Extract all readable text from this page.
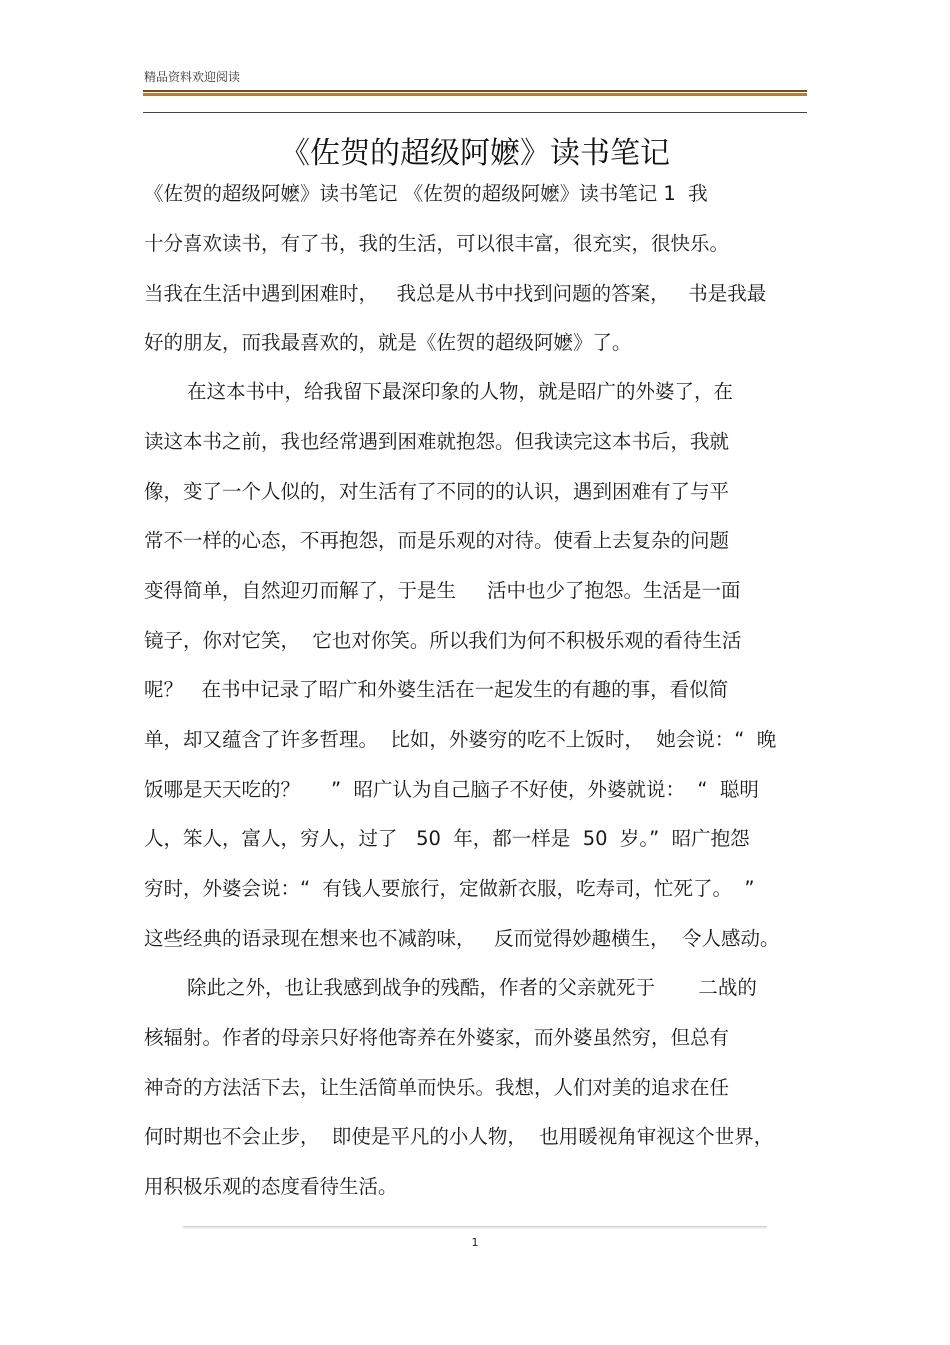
精品资料欢迎阅读
《佐贺的超级阿嬷》读书笔记
《佐贺的超级阿嬷》读书笔记 《佐贺的超级阿嬷》读书笔记 1  我
十分喜欢读书，有了书，我的生活，可以很丰富，很充实，很快乐。
当我在生活中遇到困难时，   我总是从书中找到问题的答案，   书是我最
好的朋友，而我最喜欢的，就是《佐贺的超级阿嬷》了。
在这本书中，给我留下最深印象的人物，就是昭广的外婆了，在
读这本书之前，我也经常遇到困难就抱怨。但我读完这本书后，我就
像，变了一个人似的，对生活有了不同的的认识，遇到困难有了与平
常不一样的心态，不再抱怨，而是乐观的对待。使看上去复杂的问题
变得简单，自然迎刃而解了，于是生     活中也少了抱怨。生活是一面
镜子，你对它笑，  它也对你笑。所以我们为何不积极乐观的看待生活
呢？   在书中记录了昭广和外婆生活在一起发生的有趣的事，看似简
单，却又蕴含了许多哲理。  比如，外婆穷的吃不上饭时，  她会说：“  晚
饭哪是天天吃的？     ”  昭广认为自己脑子不好使，外婆就说：  “  聪明
人，笨人，富人，穷人，过了   50  年，都一样是  50  岁。”  昭广抱怨
穷时，外婆会说：“  有钱人要旅行，定做新衣服，吃寿司，忙死了。  ”
这些经典的语录现在想来也不减韵味，   反而觉得妙趣横生，  令人感动。
除此之外，也让我感到战争的残酷，作者的父亲就死于       二战的
核辐射。作者的母亲只好将他寄养在外婆家，而外婆虽然穷，但总有
神奇的方法活下去，让生活简单而快乐。我想，人们对美的追求在任
何时期也不会止步，  即使是平凡的小人物，  也用暖视角审视这个世界，
用积极乐观的态度看待生活。
1
